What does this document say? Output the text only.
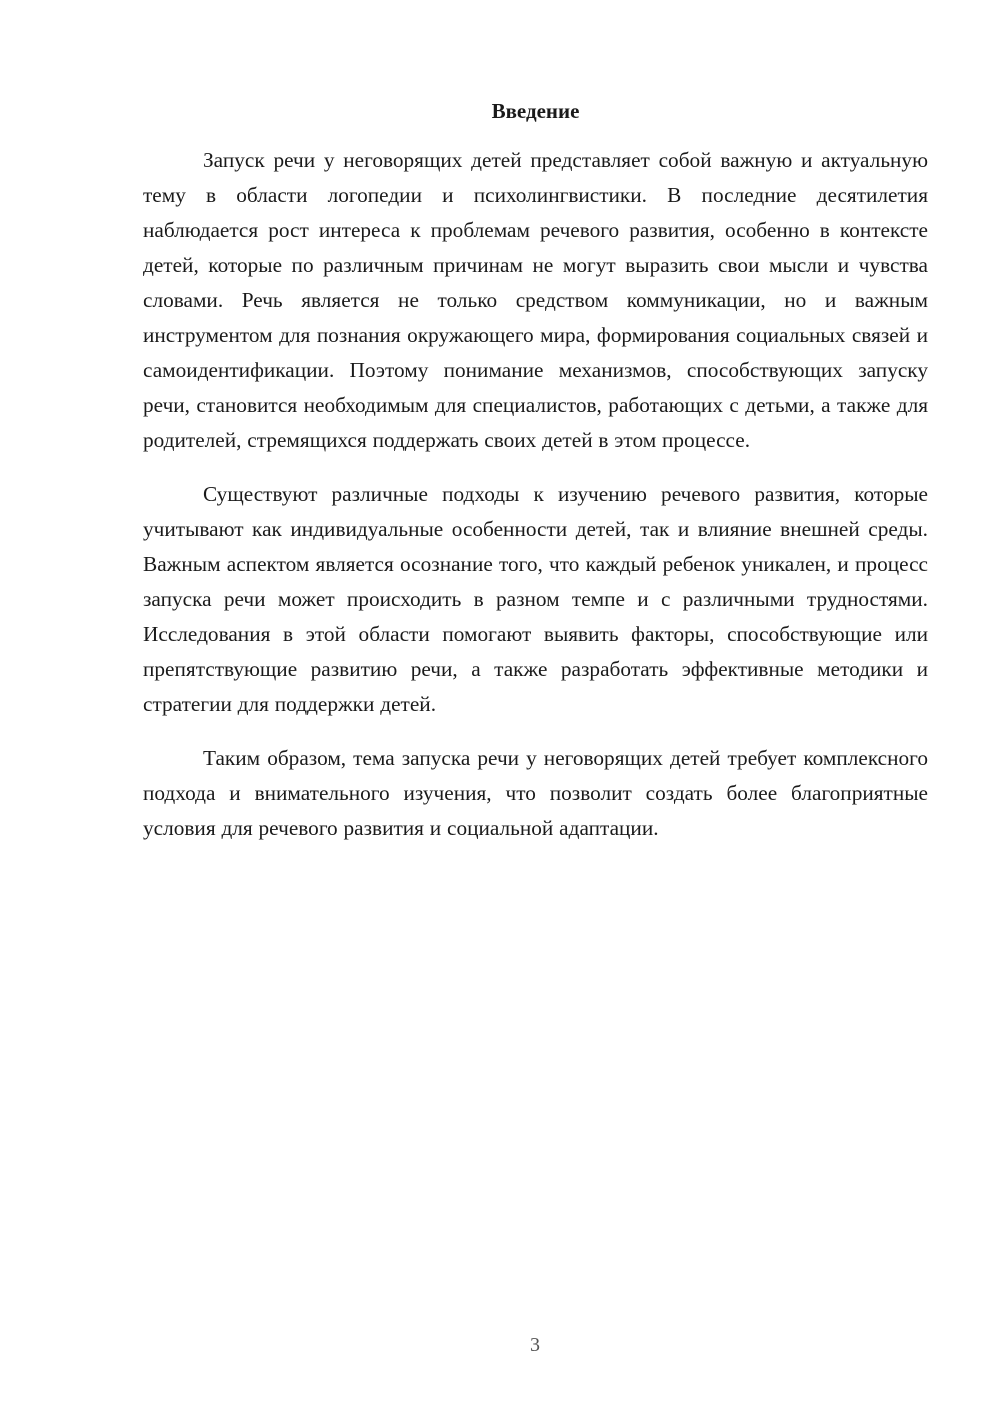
Введение

Запуск речи у неговорящих детей представляет собой важную и актуальную тему в области логопедии и психолингвистики. В последние десятилетия наблюдается рост интереса к проблемам речевого развития, особенно в контексте детей, которые по различным причинам не могут выразить свои мысли и чувства словами. Речь является не только средством коммуникации, но и важным инструментом для познания окружающего мира, формирования социальных связей и самоидентификации. Поэтому понимание механизмов, способствующих запуску речи, становится необходимым для специалистов, работающих с детьми, а также для родителей, стремящихся поддержать своих детей в этом процессе.

Существуют различные подходы к изучению речевого развития, которые учитывают как индивидуальные особенности детей, так и влияние внешней среды. Важным аспектом является осознание того, что каждый ребенок уникален, и процесс запуска речи может происходить в разном темпе и с различными трудностями. Исследования в этой области помогают выявить факторы, способствующие или препятствующие развитию речи, а также разработать эффективные методики и стратегии для поддержки детей.

Таким образом, тема запуска речи у неговорящих детей требует комплексного подхода и внимательного изучения, что позволит создать более благоприятные условия для речевого развития и социальной адаптации.

3
